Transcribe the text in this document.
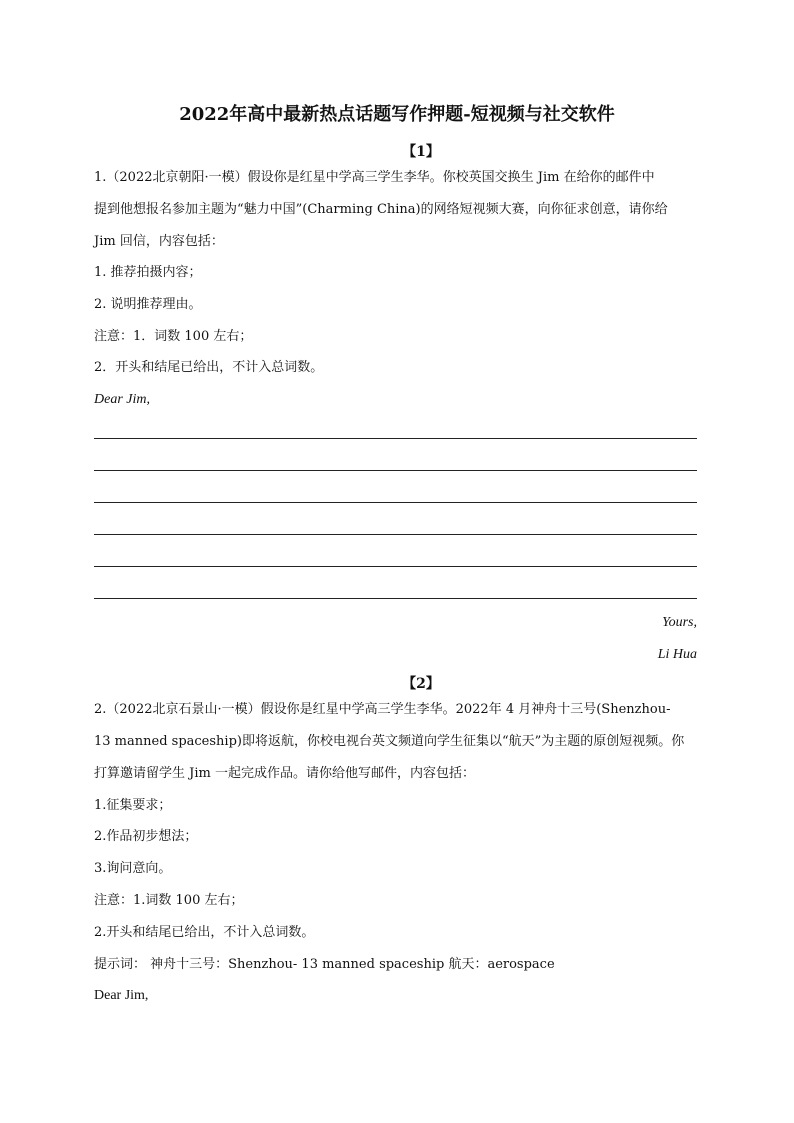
2022年高中最新热点话题写作押题-短视频与社交软件
【1】
1.（2022北京朝阳·一模）假设你是红星中学高三学生李华。你校英国交换生 Jim 在给你的邮件中
提到他想报名参加主题为“魅力中国”(Charming China)的网络短视频大赛，向你征求创意，请你给
Jim 回信，内容包括：
1. 推荐拍摄内容；
2. 说明推荐理由。
注意：1．词数 100 左右；
2．开头和结尾已给出，不计入总词数。
Dear Jim,
Yours,
Li Hua
【2】
2.（2022北京石景山·一模）假设你是红星中学高三学生李华。2022年 4 月神舟十三号(Shenzhou-
13 manned spaceship)即将返航，你校电视台英文频道向学生征集以“航天”为主题的原创短视频。你
打算邀请留学生 Jim 一起完成作品。请你给他写邮件，内容包括：
1.征集要求；
2.作品初步想法；
3.询问意向。
注意：1.词数 100 左右；
2.开头和结尾已给出，不计入总词数。
提示词： 神舟十三号：Shenzhou- 13 manned spaceship 航天：aerospace
Dear Jim,
